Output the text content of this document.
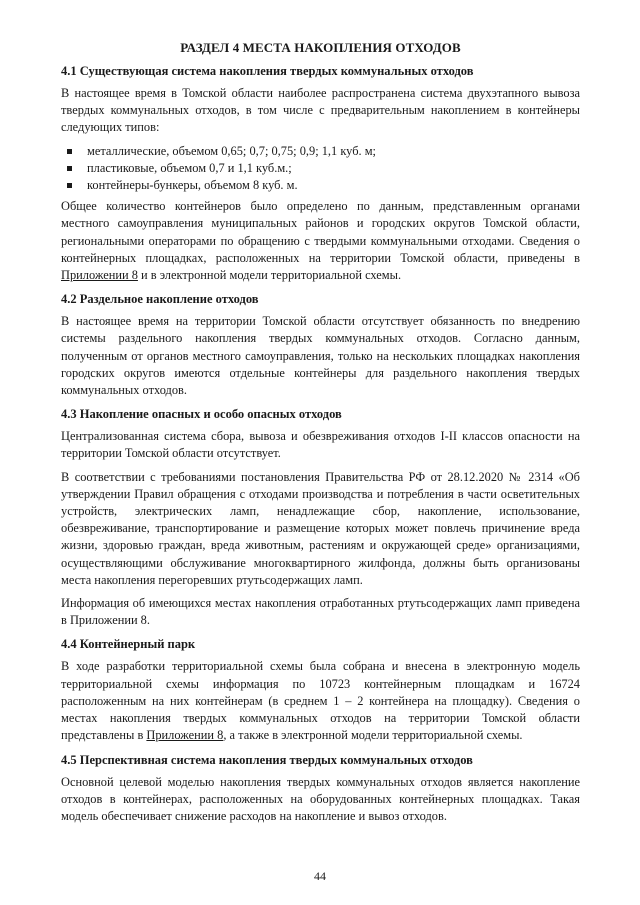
РАЗДЕЛ 4 МЕСТА НАКОПЛЕНИЯ ОТХОДОВ
4.1 Существующая система накопления твердых коммунальных отходов

В настоящее время в Томской области наиболее распространена система двухэтапного вывоза твердых коммунальных отходов, в том числе с предварительным накоплением в контейнеры следующих типов:

металлические, объемом 0,65; 0,7; 0,75; 0,9; 1,1 куб. м;
пластиковые, объемом 0,7 и 1,1 куб.м.;
контейнеры-бункеры, объемом 8 куб. м.

Общее количество контейнеров было определено по данным, представленным органами местного самоуправления муниципальных районов и городских округов Томской области, региональными операторами по обращению с твердыми коммунальными отходами. Сведения о контейнерных площадках, расположенных на территории Томской области, приведены в Приложении 8 и в электронной модели территориальной схемы.

4.2 Раздельное накопление отходов

В настоящее время на территории Томской области отсутствует обязанность по внедрению системы раздельного накопления твердых коммунальных отходов. Согласно данным, полученным от органов местного самоуправления, только на нескольких площадках накопления городских округов имеются отдельные контейнеры для раздельного накопления твердых коммунальных отходов.

4.3 Накопление опасных и особо опасных отходов

Централизованная система сбора, вывоза и обезвреживания отходов I-II классов опасности на территории Томской области отсутствует.

В соответствии с требованиями постановления Правительства РФ от 28.12.2020 № 2314 «Об утверждении Правил обращения с отходами производства и потребления в части осветительных устройств, электрических ламп, ненадлежащие сбор, накопление, использование, обезвреживание, транспортирование и размещение которых может повлечь причинение вреда жизни, здоровью граждан, вреда животным, растениям и окружающей среде» организациями, осуществляющими обслуживание многоквартирного жилфонда, должны быть организованы места накопления перегоревших ртутьсодержащих ламп.

Информация об имеющихся местах накопления отработанных ртутьсодержащих ламп приведена в Приложении 8.

4.4 Контейнерный парк

В ходе разработки территориальной схемы была собрана и внесена в электронную модель территориальной схемы информация по 10723 контейнерным площадкам и 16724 расположенным на них контейнерам (в среднем 1 – 2 контейнера на площадку). Сведения о местах накопления твердых коммунальных отходов на территории Томской области представлены в Приложении 8, а также в электронной модели территориальной схемы.

4.5 Перспективная система накопления твердых коммунальных отходов

Основной целевой моделью накопления твердых коммунальных отходов является накопление отходов в контейнерах, расположенных на оборудованных контейнерных площадках. Такая модель обеспечивает снижение расходов на накопление и вывоз отходов.

44
